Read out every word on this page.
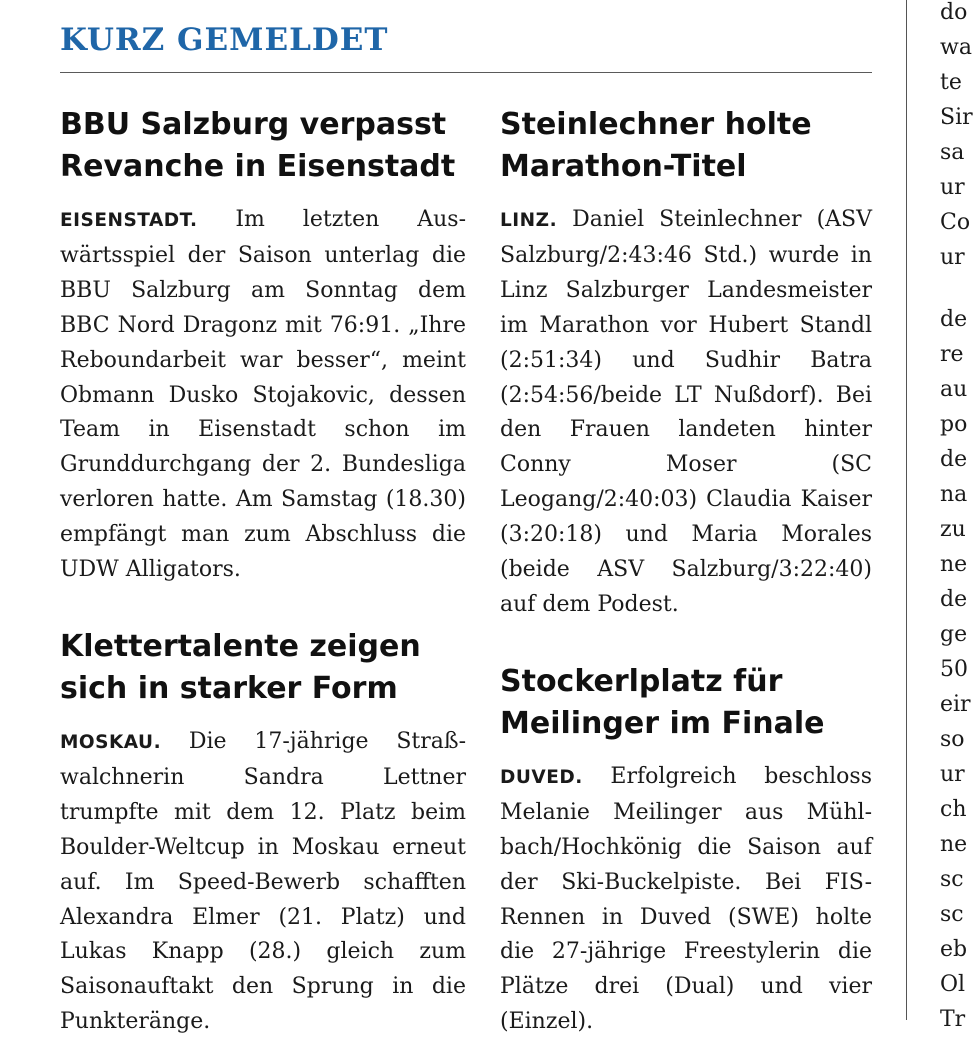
KURZ GEMELDET
BBU Salzburg verpasst Revanche in Eisenstadt

EISENSTADT. Im letzten Auswärtsspiel der Saison unterlag die BBU Salzburg am Sonntag dem BBC Nord Dragonz mit 76:91. „Ihre Reboundarbeit war besser“, meint Obmann Dusko Stojakovic, dessen Team in Eisenstadt schon im Grunddurchgang der 2. Bundesliga verloren hatte. Am Samstag (18.30) empfängt man zum Abschluss die UDW Alligators.

Klettertalente zeigen sich in starker Form

MOSKAU. Die 17-jährige Straßwalchnerin Sandra Lettner trumpfte mit dem 12. Platz beim Boulder-Weltcup in Moskau erneut auf. Im Speed-Bewerb schafften Alexandra Elmer (21. Platz) und Lukas Knapp (28.) gleich zum Saisonauftakt den Sprung in die Punkteränge.

Steinlechner holte Marathon-Titel

LINZ. Daniel Steinlechner (ASV Salzburg/2:43:46 Std.) wurde in Linz Salzburger Landesmeister im Marathon vor Hubert Standl (2:51:34) und Sudhir Batra (2:54:56/beide LT Nußdorf). Bei den Frauen landeten hinter Conny Moser (SC Leogang/2:40:03) Claudia Kaiser (3:20:18) und Maria Morales (beide ASV Salzburg/3:22:40) auf dem Podest.

Stockerlplatz für Meilinger im Finale

DUVED. Erfolgreich beschloss Melanie Meilinger aus Mühlbach/Hochkönig die Saison auf der Ski-Buckelpiste. Bei FIS-Rennen in Duved (SWE) holte die 27-jährige Freestylerin die Plätze drei (Dual) und vier (Einzel).

do

wa

te

Sir

sa

ur

Co

ur

de

re

au

po

de

na

zu

ne

de

ge

50

eir

so

ur

ch

ne

sc

sc

eb

Ol

Tr
